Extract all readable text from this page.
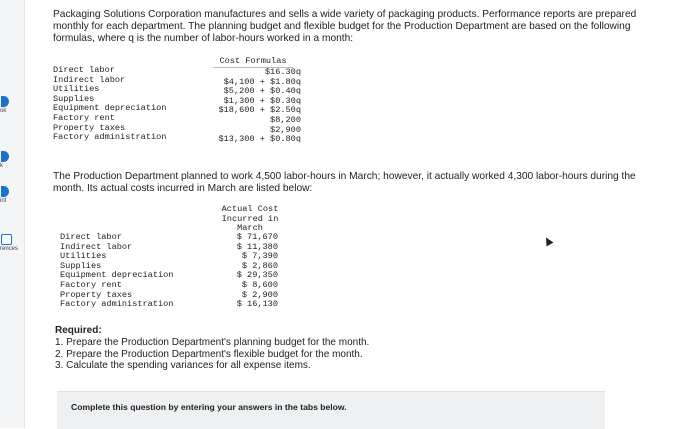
ok
k
int
rences
Packaging Solutions Corporation manufactures and sells a wide variety of packaging products. Performance reports are prepared monthly for each department. The planning budget and flexible budget for the Production Department are based on the following formulas, where q is the number of labor-hours worked in a month:
Cost Formulas
Direct labor
Indirect labor
Utilities
Supplies
Equipment depreciation
Factory rent
Property taxes
Factory administration
$16.30q
$4,100 + $1.80q
$5,200 + $0.40q
$1,300 + $0.30q
$18,600 + $2.50q
$8,200
$2,900
$13,300 + $0.80q
The Production Department planned to work 4,500 labor-hours in March; however, it actually worked 4,300 labor-hours during the month. Its actual costs incurred in March are listed below:
Actual Cost
Incurred in
March
Direct labor
Indirect labor
Utilities
Supplies
Equipment depreciation
Factory rent
Property taxes
Factory administration
$ 71,670
$ 11,380
$ 7,390
$ 2,860
$ 29,350
$ 8,600
$ 2,900
$ 16,130
Required:
1. Prepare the Production Department's planning budget for the month.
2. Prepare the Production Department's flexible budget for the month.
3. Calculate the spending variances for all expense items.
Complete this question by entering your answers in the tabs below.
